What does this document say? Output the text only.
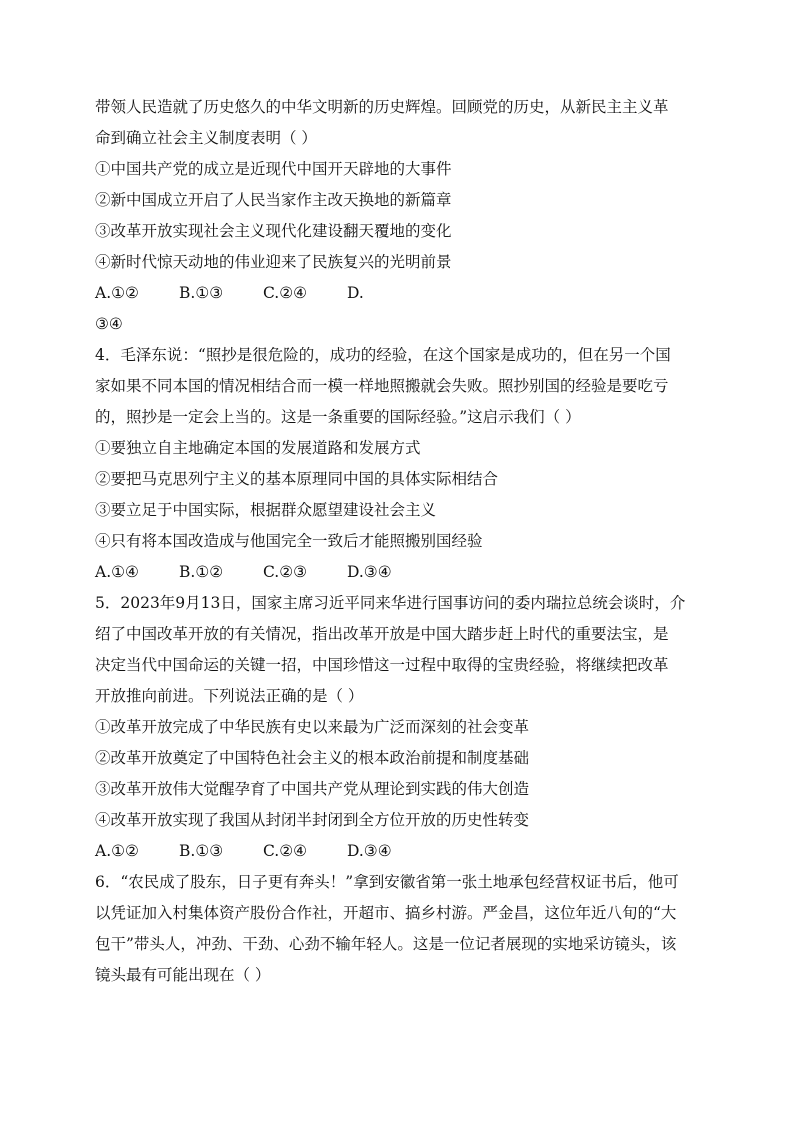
带领人民造就了历史悠久的中华文明新的历史辉煌。回顾党的历史，从新民主主义革
命到确立社会主义制度表明（ ）
①中国共产党的成立是近现代中国开天辟地的大事件
②新中国成立开启了人民当家作主改天换地的新篇章
③改革开放实现社会主义现代化建设翻天覆地的变化
④新时代惊天动地的伟业迎来了民族复兴的光明前景
A.①②	B.①③	C.②④	D.
③④
4．毛泽东说：“照抄是很危险的，成功的经验，在这个国家是成功的，但在另一个国
家如果不同本国的情况相结合而一模一样地照搬就会失败。照抄别国的经验是要吃亏
的，照抄是一定会上当的。这是一条重要的国际经验。”这启示我们（ ）
①要独立自主地确定本国的发展道路和发展方式
②要把马克思列宁主义的基本原理同中国的具体实际相结合
③要立足于中国实际，根据群众愿望建设社会主义
④只有将本国改造成与他国完全一致后才能照搬别国经验
A.①④	B.①②	C.②③	D.③④
5．2023年9月13日，国家主席习近平同来华进行国事访问的委内瑞拉总统会谈时，介
绍了中国改革开放的有关情况，指出改革开放是中国大踏步赶上时代的重要法宝，是
决定当代中国命运的关键一招，中国珍惜这一过程中取得的宝贵经验，将继续把改革
开放推向前进。下列说法正确的是（ ）
①改革开放完成了中华民族有史以来最为广泛而深刻的社会变革
②改革开放奠定了中国特色社会主义的根本政治前提和制度基础
③改革开放伟大觉醒孕育了中国共产党从理论到实践的伟大创造
④改革开放实现了我国从封闭半封闭到全方位开放的历史性转变
A.①②	B.①③	C.②④	D.③④
6．“农民成了股东，日子更有奔头！”拿到安徽省第一张土地承包经营权证书后，他可
以凭证加入村集体资产股份合作社，开超市、搞乡村游。严金昌，这位年近八旬的“大
包干”带头人，冲劲、干劲、心劲不输年轻人。这是一位记者展现的实地采访镜头，该
镜头最有可能出现在（ ）
